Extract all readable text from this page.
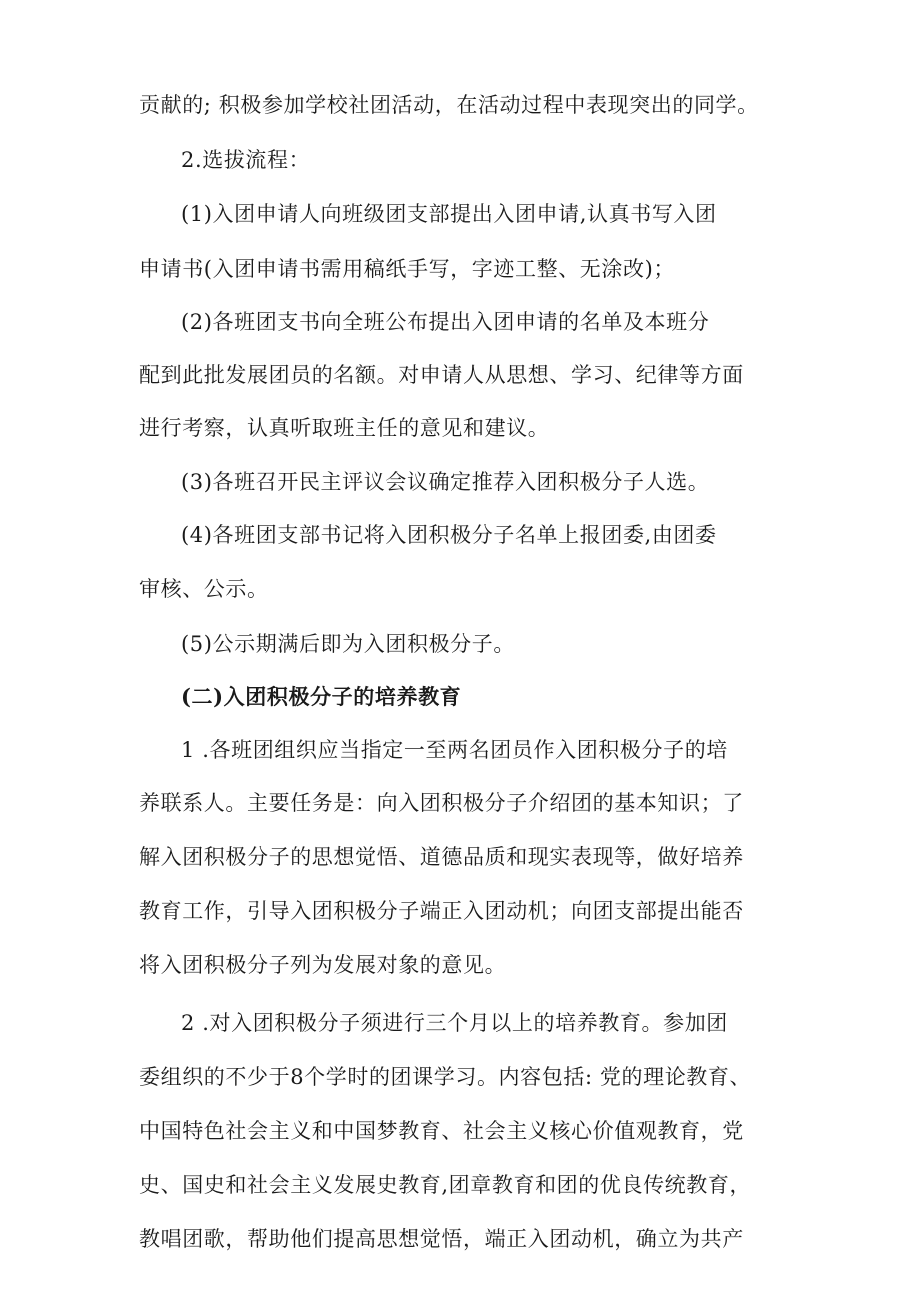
贡献的; 积极参加学校社团活动，在活动过程中表现突出的同学。
2.选拔流程：
(1)入团申请人向班级团支部提出入团申请,认真书写入团
申请书(入团申请书需用稿纸手写，字迹工整、无涂改)；
(2)各班团支书向全班公布提出入团申请的名单及本班分
配到此批发展团员的名额。对申请人从思想、学习、纪律等方面
进行考察，认真听取班主任的意见和建议。
(3)各班召开民主评议会议确定推荐入团积极分子人选。
(4)各班团支部书记将入团积极分子名单上报团委,由团委
审核、公示。
(5)公示期满后即为入团积极分子。
(二)入团积极分子的培养教育
1 .各班团组织应当指定一至两名团员作入团积极分子的培
养联系人。主要任务是：向入团积极分子介绍团的基本知识；了
解入团积极分子的思想觉悟、道德品质和现实表现等，做好培养
教育工作，引导入团积极分子端正入团动机；向团支部提出能否
将入团积极分子列为发展对象的意见。
2 .对入团积极分子须进行三个月以上的培养教育。参加团
委组织的不少于8个学时的团课学习。内容包括: 党的理论教育、
中国特色社会主义和中国梦教育、社会主义核心价值观教育，党
史、国史和社会主义发展史教育,团章教育和团的优良传统教育，
教唱团歌，帮助他们提高思想觉悟，端正入团动机，确立为共产
